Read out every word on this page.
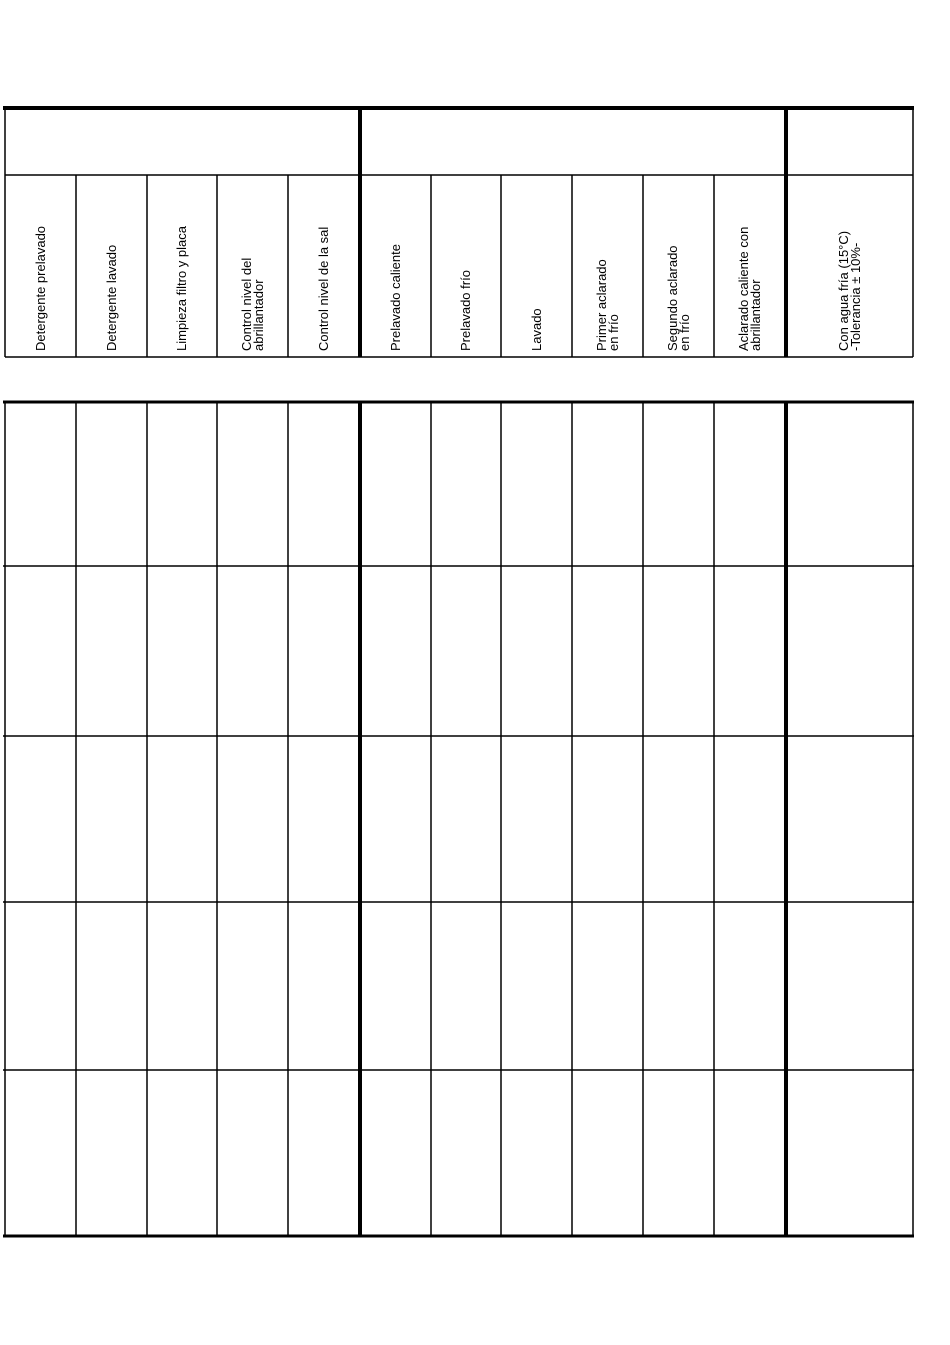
Detergente prelavado	Detergente lavado	Limpieza filtro y placa	Control nivel del
abrillantador	Control nivel de la sal	Prelavado caliente	Prelavado frío	Lavado	Primer aclarado
en frío	Segundo aclarado
en frío	Aclarado caliente con
abrillantador	Con agua fría (15°C)
-Tolerancia ± 10%-
